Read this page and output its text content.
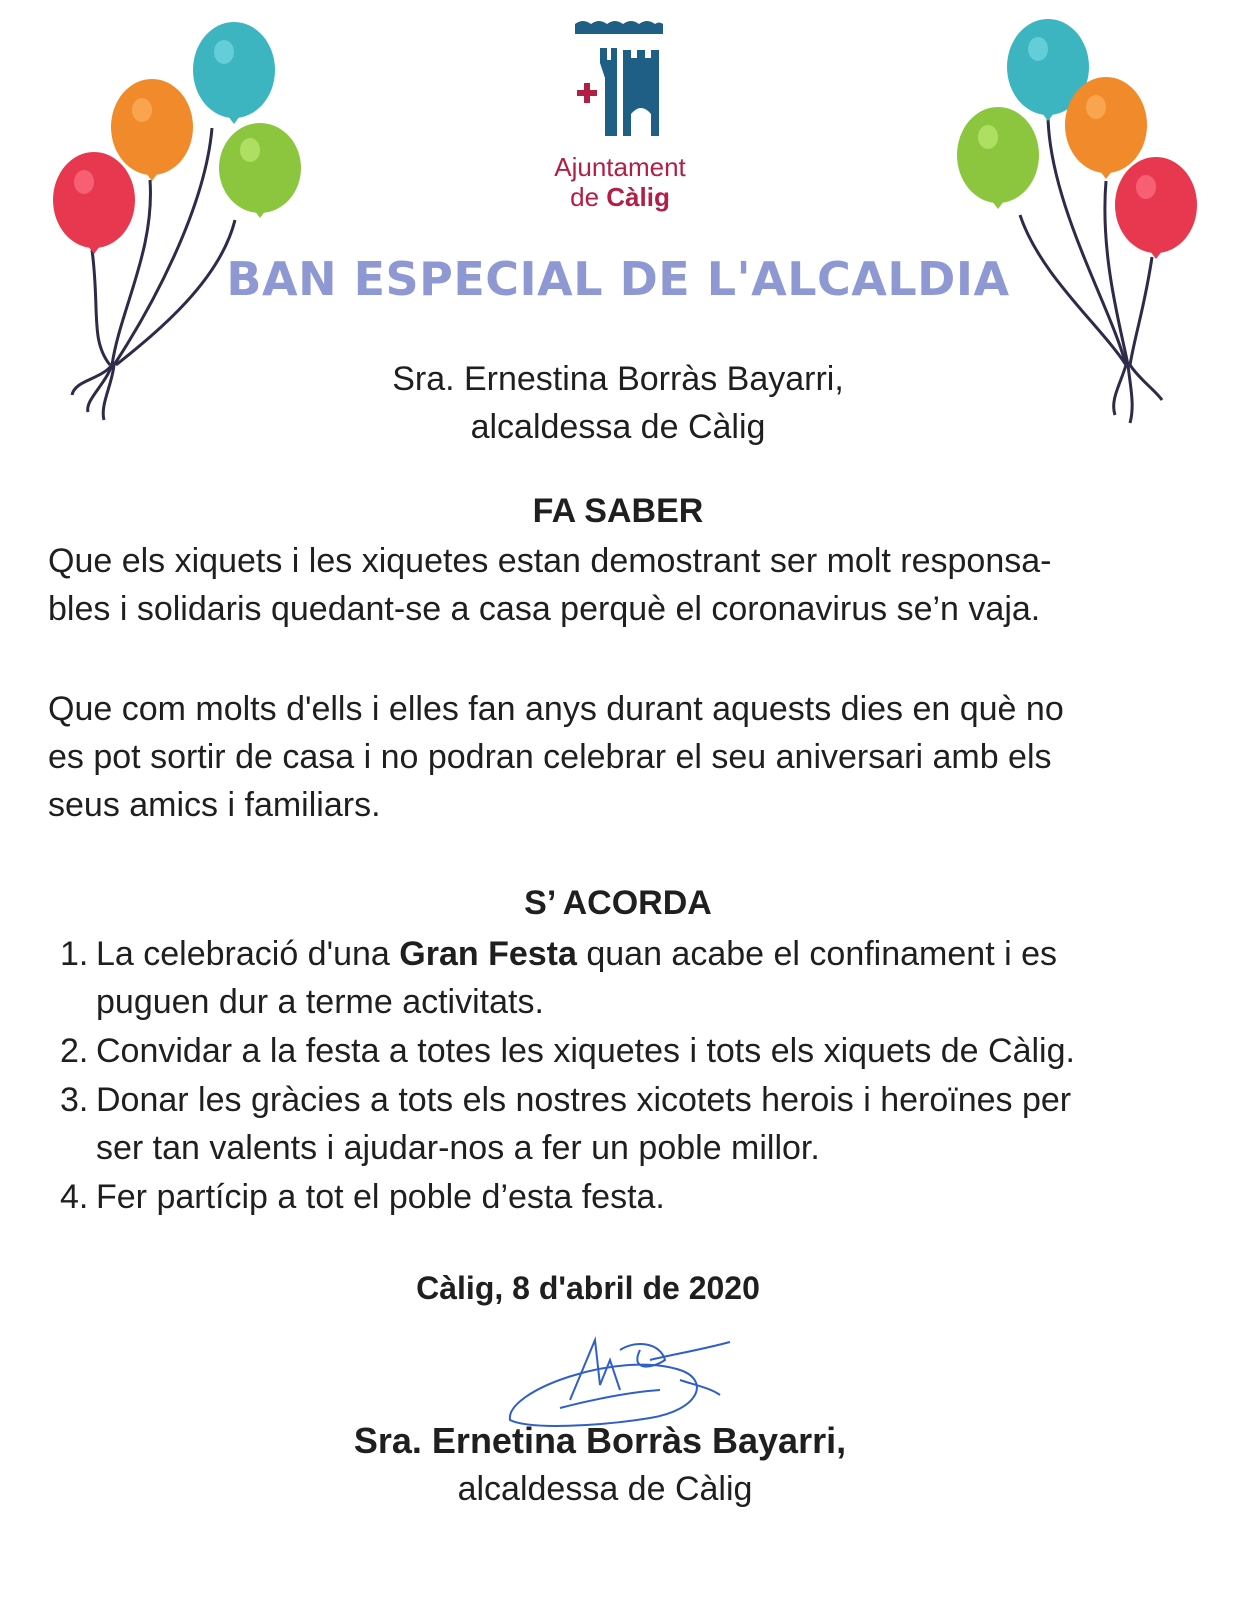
Ajuntament
de Càlig
BAN ESPECIAL DE L'ALCALDIA
Sra. Ernestina Borràs Bayarri,
alcaldessa de Càlig
FA SABER
Que els xiquets i les xiquetes estan demostrant ser molt responsa-
bles i solidaris quedant-se a casa perquè el coronavirus se’n vaja.
Que com molts d'ells i elles fan anys durant aquests dies en què no
es pot sortir de casa i no podran celebrar el seu aniversari amb els
seus amics i familiars.
S’ ACORDA
1. La celebració d'una Gran Festa quan acabe el confinament i es
puguen dur a terme activitats.
2. Convidar a la festa a totes les xiquetes i tots els xiquets de Càlig.
3. Donar les gràcies a tots els nostres xicotets herois i heroïnes per
ser tan valents i ajudar-nos a fer un poble millor.
4. Fer partícip a tot el poble d’esta festa.
Càlig, 8 d'abril de 2020
Sra. Ernetina Borràs Bayarri,
alcaldessa de Càlig
